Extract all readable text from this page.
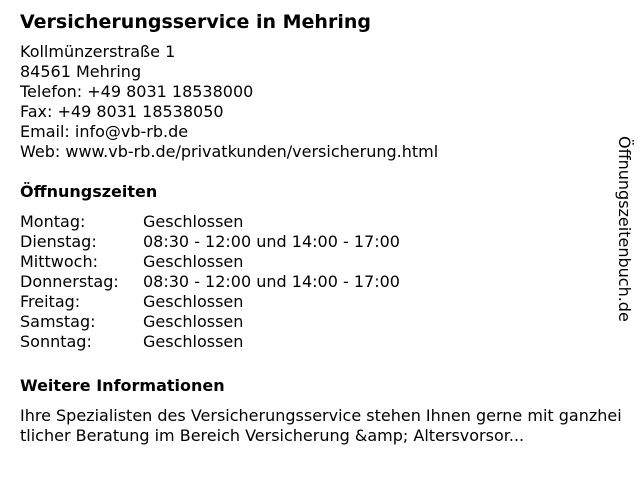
Versicherungsservice in Mehring
Kollmünzerstraße 1
84561 Mehring
Telefon: +49 8031 18538000
Fax: +49 8031 18538050
Email: info@vb-rb.de
Web: www.vb-rb.de/privatkunden/versicherung.html
Öffnungszeiten
Montag:	Geschlossen
Dienstag:	08:30 - 12:00 und 14:00 - 17:00
Mittwoch:	Geschlossen
Donnerstag:	08:30 - 12:00 und 14:00 - 17:00
Freitag:	Geschlossen
Samstag:	Geschlossen
Sonntag:	Geschlossen
Weitere Informationen
Ihre Spezialisten des Versicherungsservice stehen Ihnen gerne mit ganzheitlicher Beratung im Bereich Versicherung &amp; Altersvorsor...
Öffnungszeitenbuch.de
